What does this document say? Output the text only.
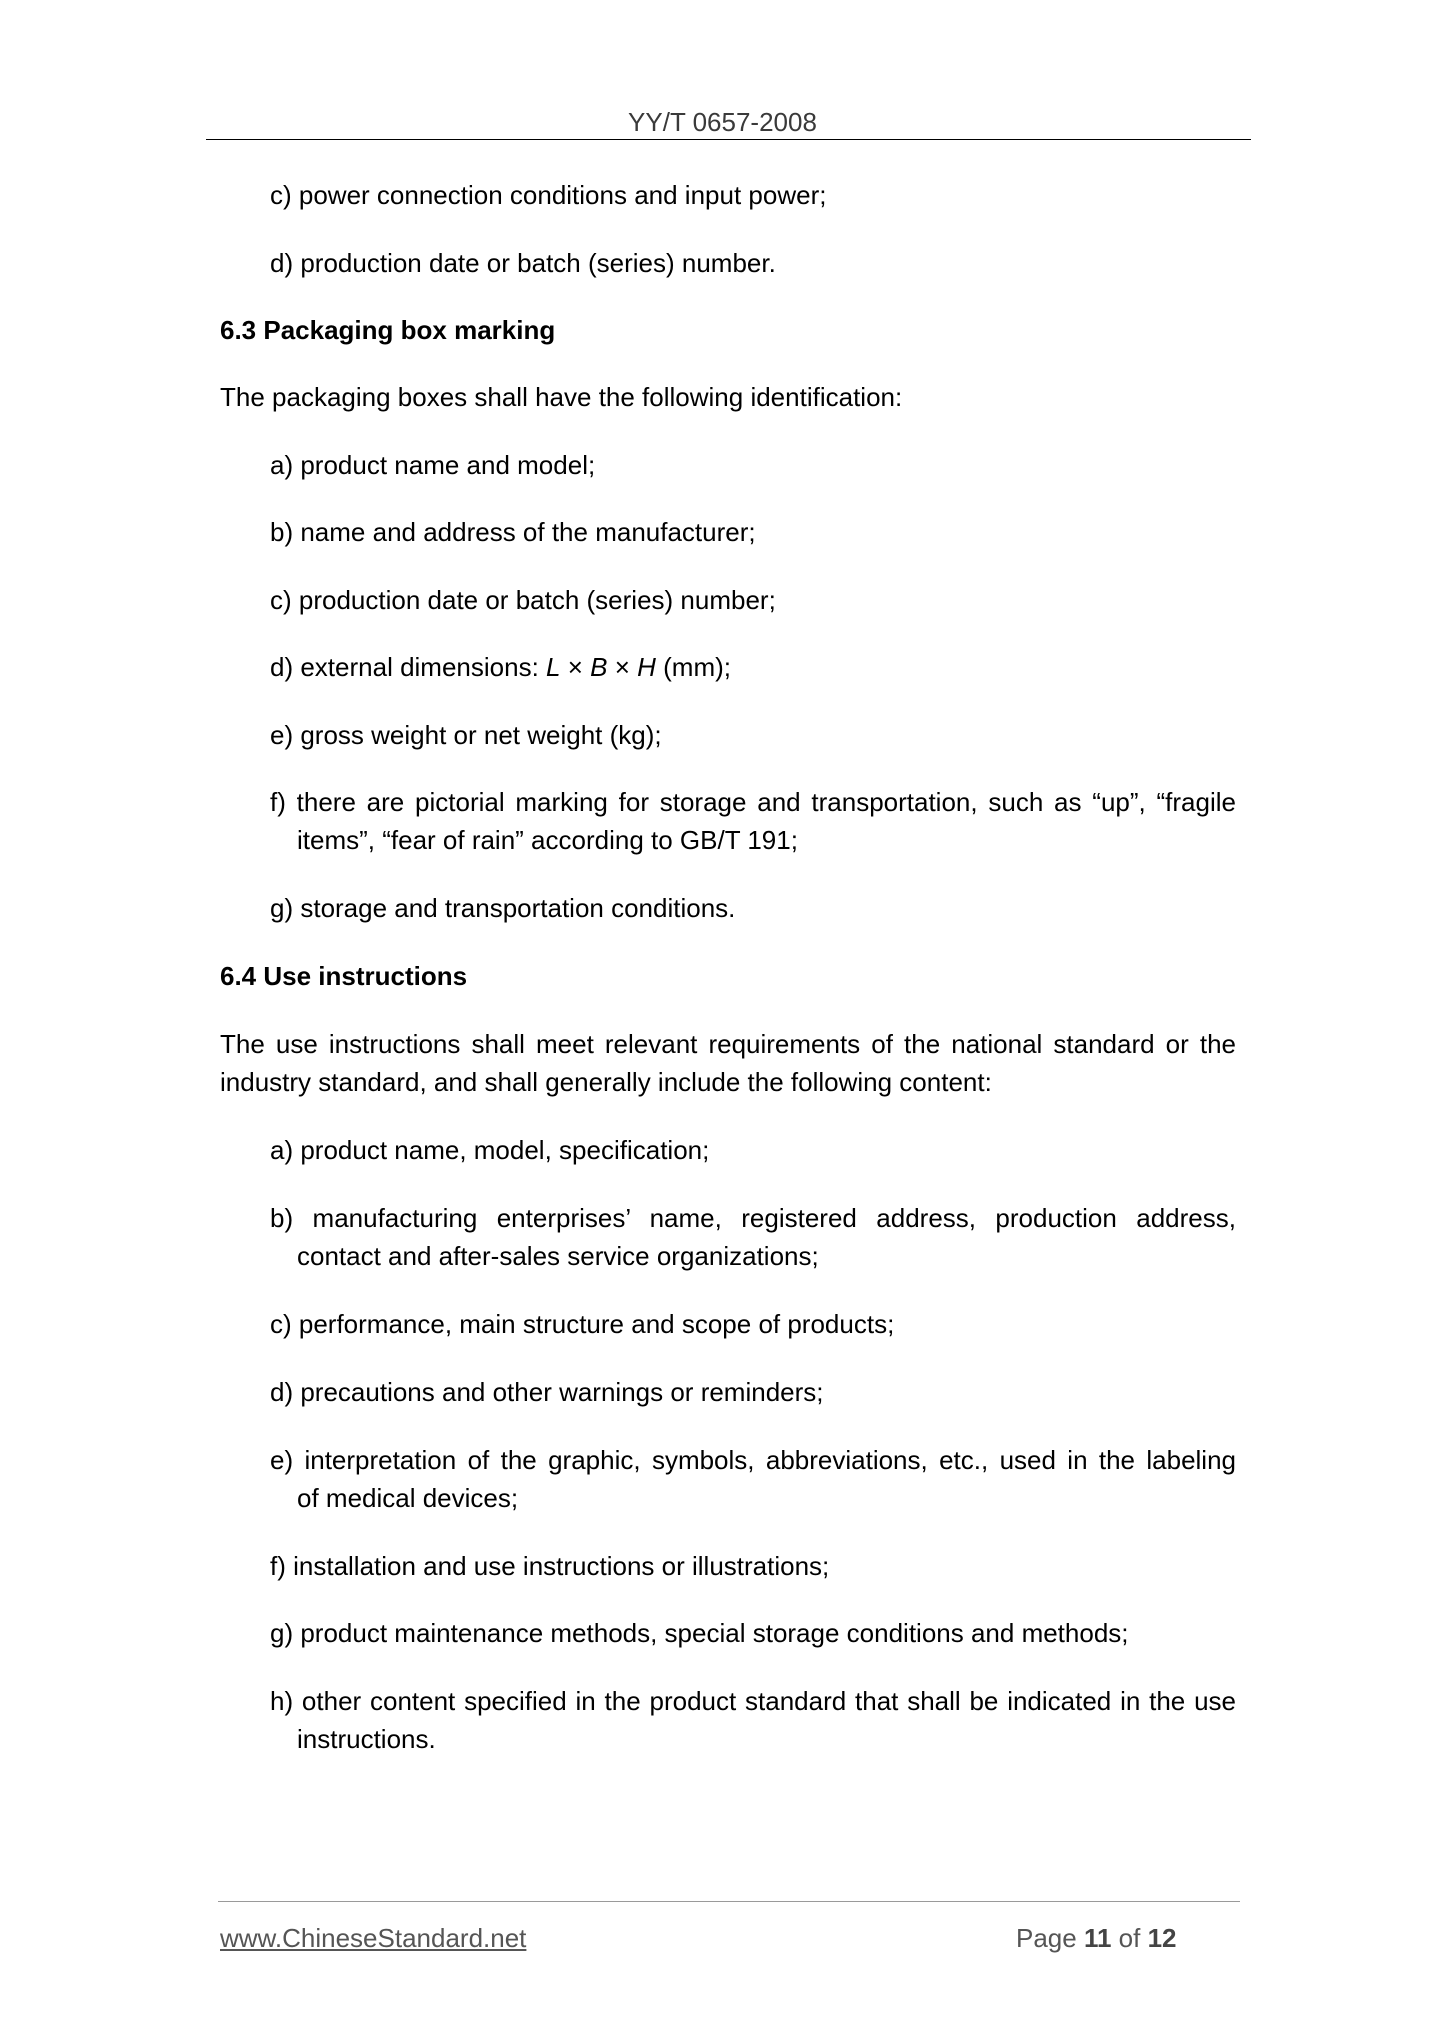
YY/T 0657-2008
c) power connection conditions and input power;
d) production date or batch (series) number.
6.3 Packaging box marking
The packaging boxes shall have the following identification:
a) product name and model;
b) name and address of the manufacturer;
c) production date or batch (series) number;
d) external dimensions: L × B × H (mm);
e) gross weight or net weight (kg);
f) there are pictorial marking for storage and transportation, such as “up”, “fragile
items”, “fear of rain” according to GB/T 191;
g) storage and transportation conditions.
6.4 Use instructions
The use instructions shall meet relevant requirements of the national standard or the
industry standard, and shall generally include the following content:
a) product name, model, specification;
b) manufacturing enterprises’ name, registered address, production address,
contact and after-sales service organizations;
c) performance, main structure and scope of products;
d) precautions and other warnings or reminders;
e) interpretation of the graphic, symbols, abbreviations, etc., used in the labeling
of medical devices;
f) installation and use instructions or illustrations;
g) product maintenance methods, special storage conditions and methods;
h) other content specified in the product standard that shall be indicated in the use
instructions.
www.ChineseStandard.net	Page 11 of 12
